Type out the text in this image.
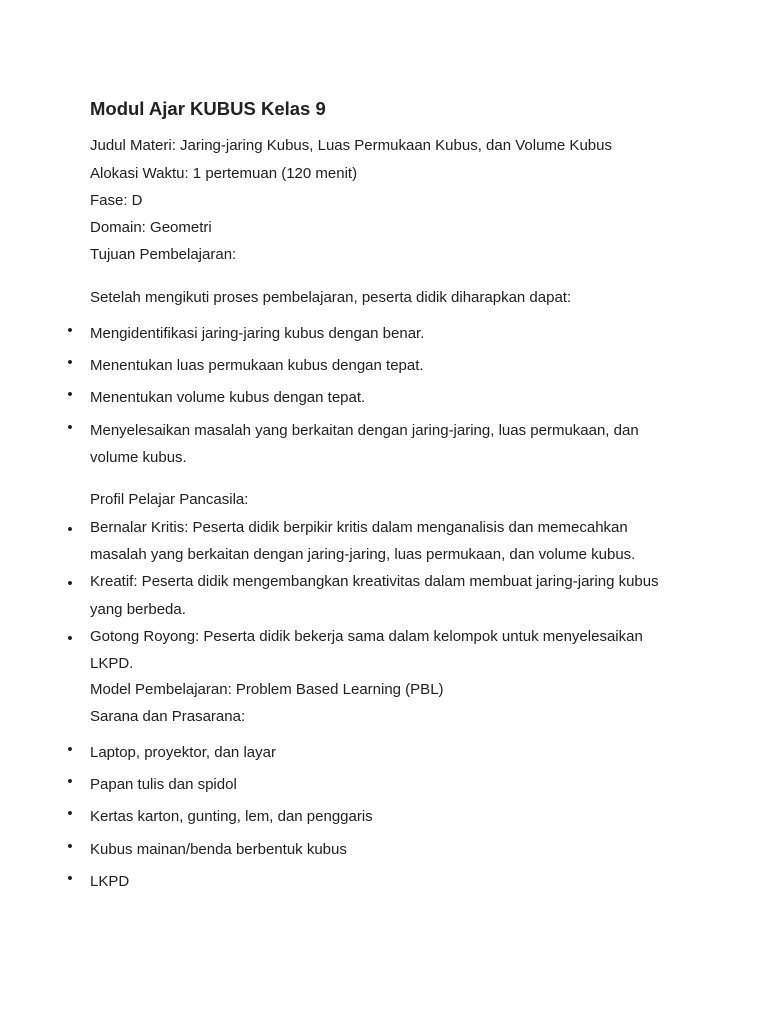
Modul Ajar KUBUS Kelas 9

Judul Materi: Jaring-jaring Kubus, Luas Permukaan Kubus, dan Volume Kubus

Alokasi Waktu: 1 pertemuan (120 menit)

Fase: D

Domain: Geometri

Tujuan Pembelajaran:

Setelah mengikuti proses pembelajaran, peserta didik diharapkan dapat:

• Mengidentifikasi jaring-jaring kubus dengan benar.
• Menentukan luas permukaan kubus dengan tepat.
• Menentukan volume kubus dengan tepat.
• Menyelesaikan masalah yang berkaitan dengan jaring-jaring, luas permukaan, dan volume kubus.

Profil Pelajar Pancasila:

• Bernalar Kritis: Peserta didik berpikir kritis dalam menganalisis dan memecahkan masalah yang berkaitan dengan jaring-jaring, luas permukaan, dan volume kubus.
• Kreatif: Peserta didik mengembangkan kreativitas dalam membuat jaring-jaring kubus yang berbeda.
• Gotong Royong: Peserta didik bekerja sama dalam kelompok untuk menyelesaikan LKPD.

Model Pembelajaran: Problem Based Learning (PBL)

Sarana dan Prasarana:

• Laptop, proyektor, dan layar
• Papan tulis dan spidol
• Kertas karton, gunting, lem, dan penggaris
• Kubus mainan/benda berbentuk kubus
• LKPD
